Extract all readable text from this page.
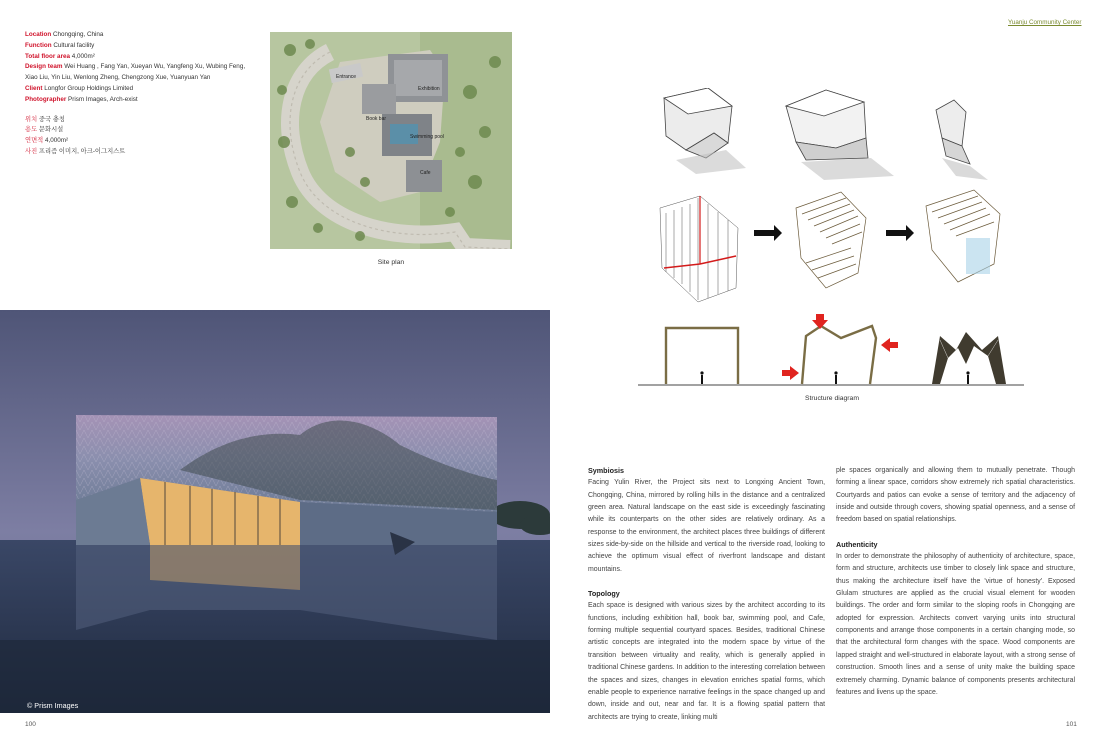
Location Chongqing, China
Function Cultural facility
Total floor area 4,000m²
Design team Wei Huang , Fang Yan, Xueyan Wu, Yangfeng Xu, Wubing Feng,
Xiao Liu, Yin Liu, Wenlong Zheng, Chengzong Xue, Yuanyuan Yan
Client Longfor Group Holdings Limited
Photographer Prism Images, Arch-exist
위치 중국 충칭
용도 문화시설
연면적 4,000m²
사진 프리즘 이미지, 아크-이그지스트
Entrance
Exhibition
Book bar
Swimming pool
Cafe
Site plan
© Prism Images
100
Yuanju Community Center
Structure diagram
Symbiosis

Facing Yulin River, the Project sits next to Longxing Ancient Town, Chongqing, China, mirrored by rolling hills in the distance and a centralized green area. Natural landscape on the east side is exceedingly fascinating while its counterparts on the other sides are relatively ordinary. As a response to the environment, the architect places three buildings of different sizes side-by-side on the hillside and vertical to the riverside road, looking to achieve the optimum visual effect of riverfront landscape and distant mountains.

Topology

Each space is designed with various sizes by the architect according to its functions, including exhibition hall, book bar, swimming pool, and Cafe, forming multiple sequential courtyard spaces. Besides, traditional Chinese artistic concepts are integrated into the modern space by virtue of the transition between virtuality and reality, which is generally applied in traditional Chinese gardens. In addition to the interesting correlation between the spaces and sizes, changes in elevation enriches spatial forms, which enable people to experience narrative feelings in the space changed up and down, inside and out, near and far. It is a flowing spatial pattern that architects are trying to create, linking multi

ple spaces organically and allowing them to mutually penetrate. Though forming a linear space, corridors show extremely rich spatial characteristics. Courtyards and patios can evoke a sense of territory and the adjacency of inside and outside through covers, showing spatial openness, and a sense of freedom based on spatial relationships.

Authenticity

In order to demonstrate the philosophy of authenticity of architecture, space, form and structure, architects use timber to closely link space and structure, thus making the architecture itself have the 'virtue of honesty'. Exposed Glulam structures are applied as the crucial visual element for wooden buildings. The order and form similar to the sloping roofs in Chongqing are adopted for expression. Architects convert varying units into structural components and arrange those components in a certain changing mode, so that the architectural form changes with the space. Wood components are lapped straight and well-structured in elaborate layout, with a strong sense of construction. Smooth lines and a sense of unity make the building space extremely charming. Dynamic balance of components presents architectural features and livens up the space.

101
